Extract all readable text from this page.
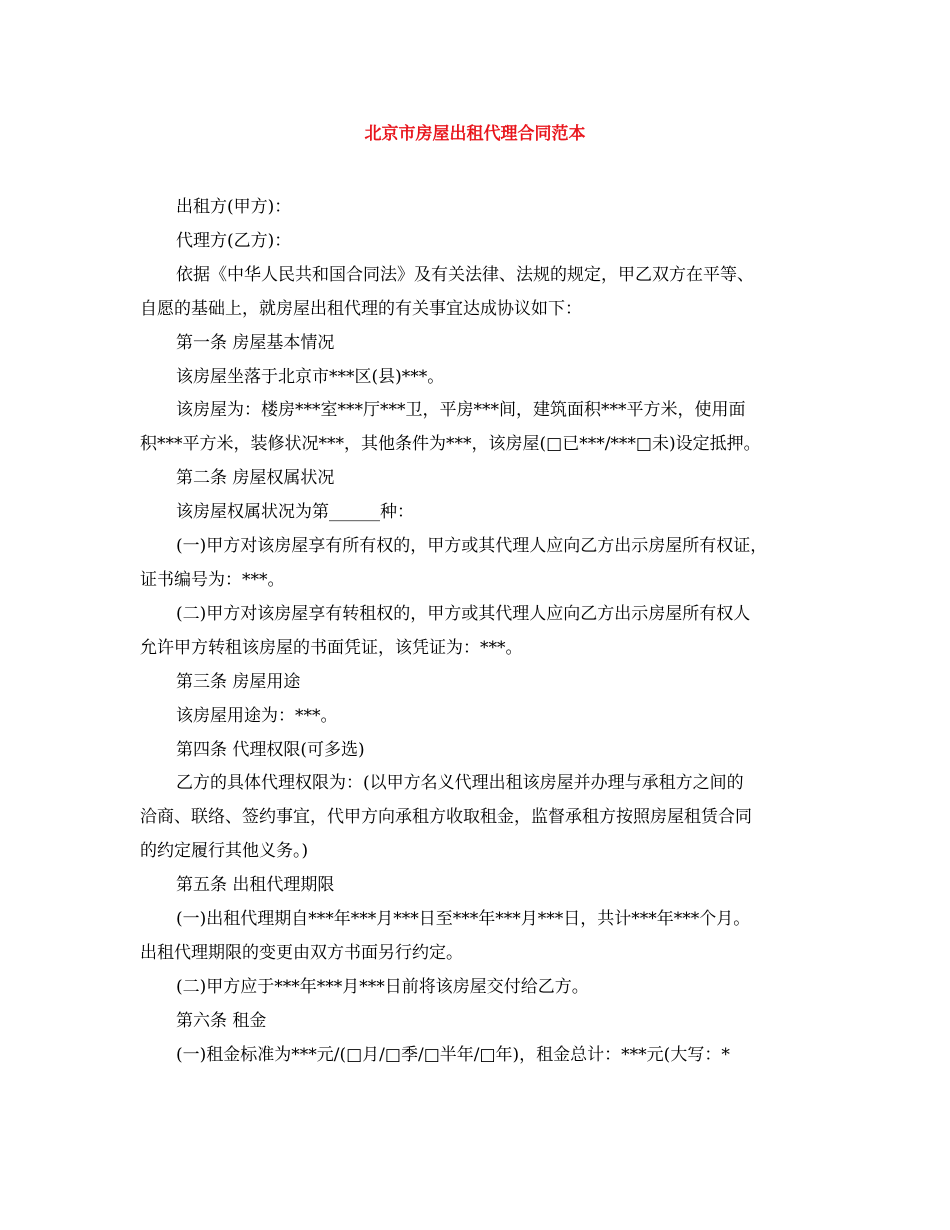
北京市房屋出租代理合同范本

出租方(甲方)：

代理方(乙方)：

依据《中华人民共和国合同法》及有关法律、法规的规定，甲乙双方在平等、

自愿的基础上，就房屋出租代理的有关事宜达成协议如下：

第一条 房屋基本情况

该房屋坐落于北京市***区(县)***。

该房屋为：楼房***室***厅***卫，平房***间，建筑面积***平方米，使用面

积***平方米，装修状况***，其他条件为***，该房屋(□已***/***□未)设定抵押。

第二条 房屋权属状况

该房屋权属状况为第______种：

(一)甲方对该房屋享有所有权的，甲方或其代理人应向乙方出示房屋所有权证，

证书编号为：***。

(二)甲方对该房屋享有转租权的，甲方或其代理人应向乙方出示房屋所有权人

允许甲方转租该房屋的书面凭证，该凭证为：***。

第三条 房屋用途

该房屋用途为：***。

第四条 代理权限(可多选)

乙方的具体代理权限为：(以甲方名义代理出租该房屋并办理与承租方之间的

洽商、联络、签约事宜，代甲方向承租方收取租金，监督承租方按照房屋租赁合同

的约定履行其他义务。)

第五条 出租代理期限

(一)出租代理期自***年***月***日至***年***月***日，共计***年***个月。

出租代理期限的变更由双方书面另行约定。

(二)甲方应于***年***月***日前将该房屋交付给乙方。

第六条 租金

(一)租金标准为***元/(□月/□季/□半年/□年)，租金总计：***元(大写：*
